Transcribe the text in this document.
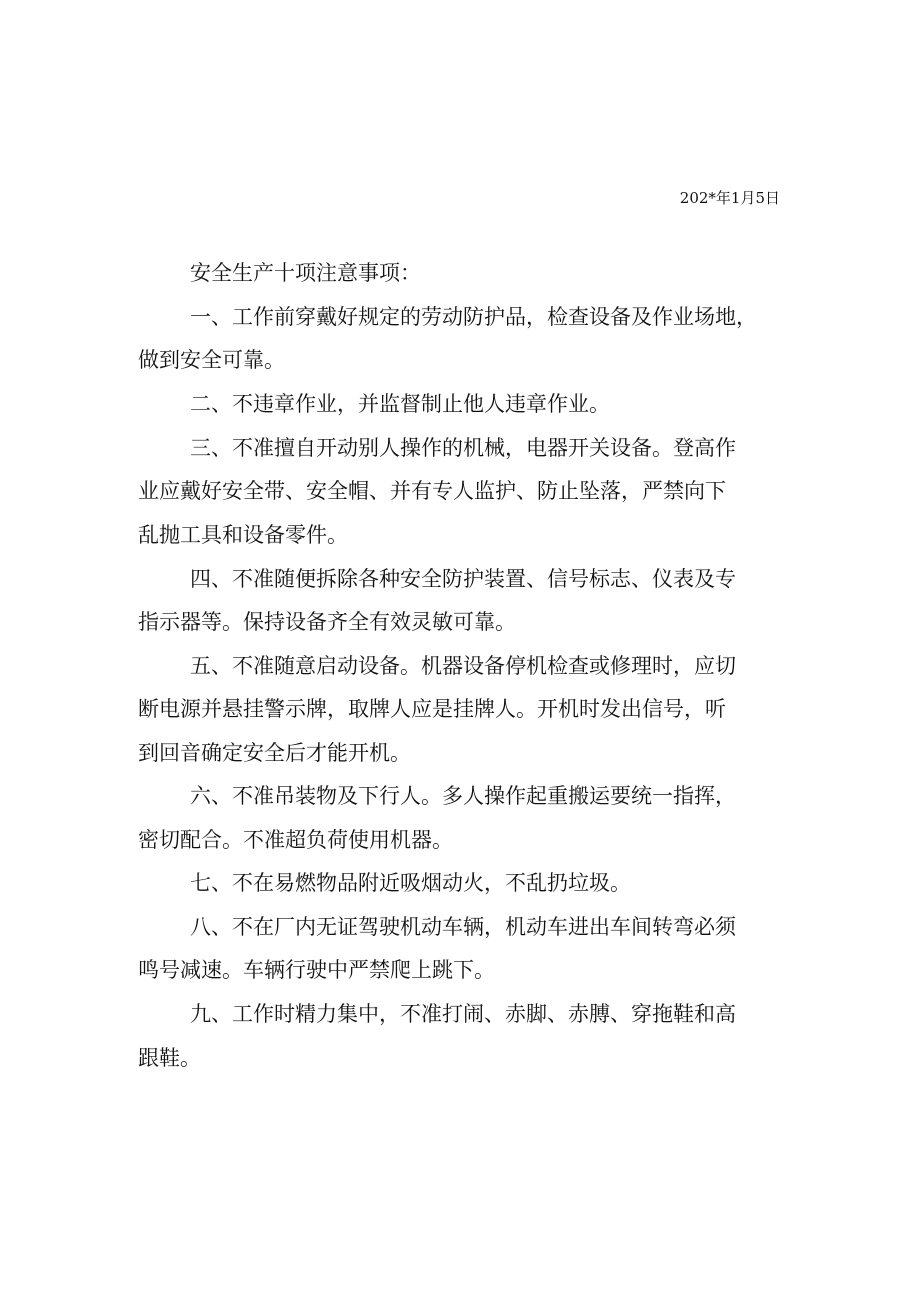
202*年1月5日
安全生产十项注意事项：
一、工作前穿戴好规定的劳动防护品，检查设备及作业场地，
做到安全可靠。
二、不违章作业，并监督制止他人违章作业。
三、不准擅自开动别人操作的机械，电器开关设备。登高作
业应戴好安全带、安全帽、并有专人监护、防止坠落，严禁向下
乱抛工具和设备零件。
四、不准随便拆除各种安全防护装置、信号标志、仪表及专
指示器等。保持设备齐全有效灵敏可靠。
五、不准随意启动设备。机器设备停机检查或修理时，应切
断电源并悬挂警示牌，取牌人应是挂牌人。开机时发出信号，听
到回音确定安全后才能开机。
六、不准吊装物及下行人。多人操作起重搬运要统一指挥，
密切配合。不准超负荷使用机器。
七、不在易燃物品附近吸烟动火，不乱扔垃圾。
八、不在厂内无证驾驶机动车辆，机动车进出车间转弯必须
鸣号减速。车辆行驶中严禁爬上跳下。
九、工作时精力集中，不准打闹、赤脚、赤膊、穿拖鞋和高
跟鞋。
